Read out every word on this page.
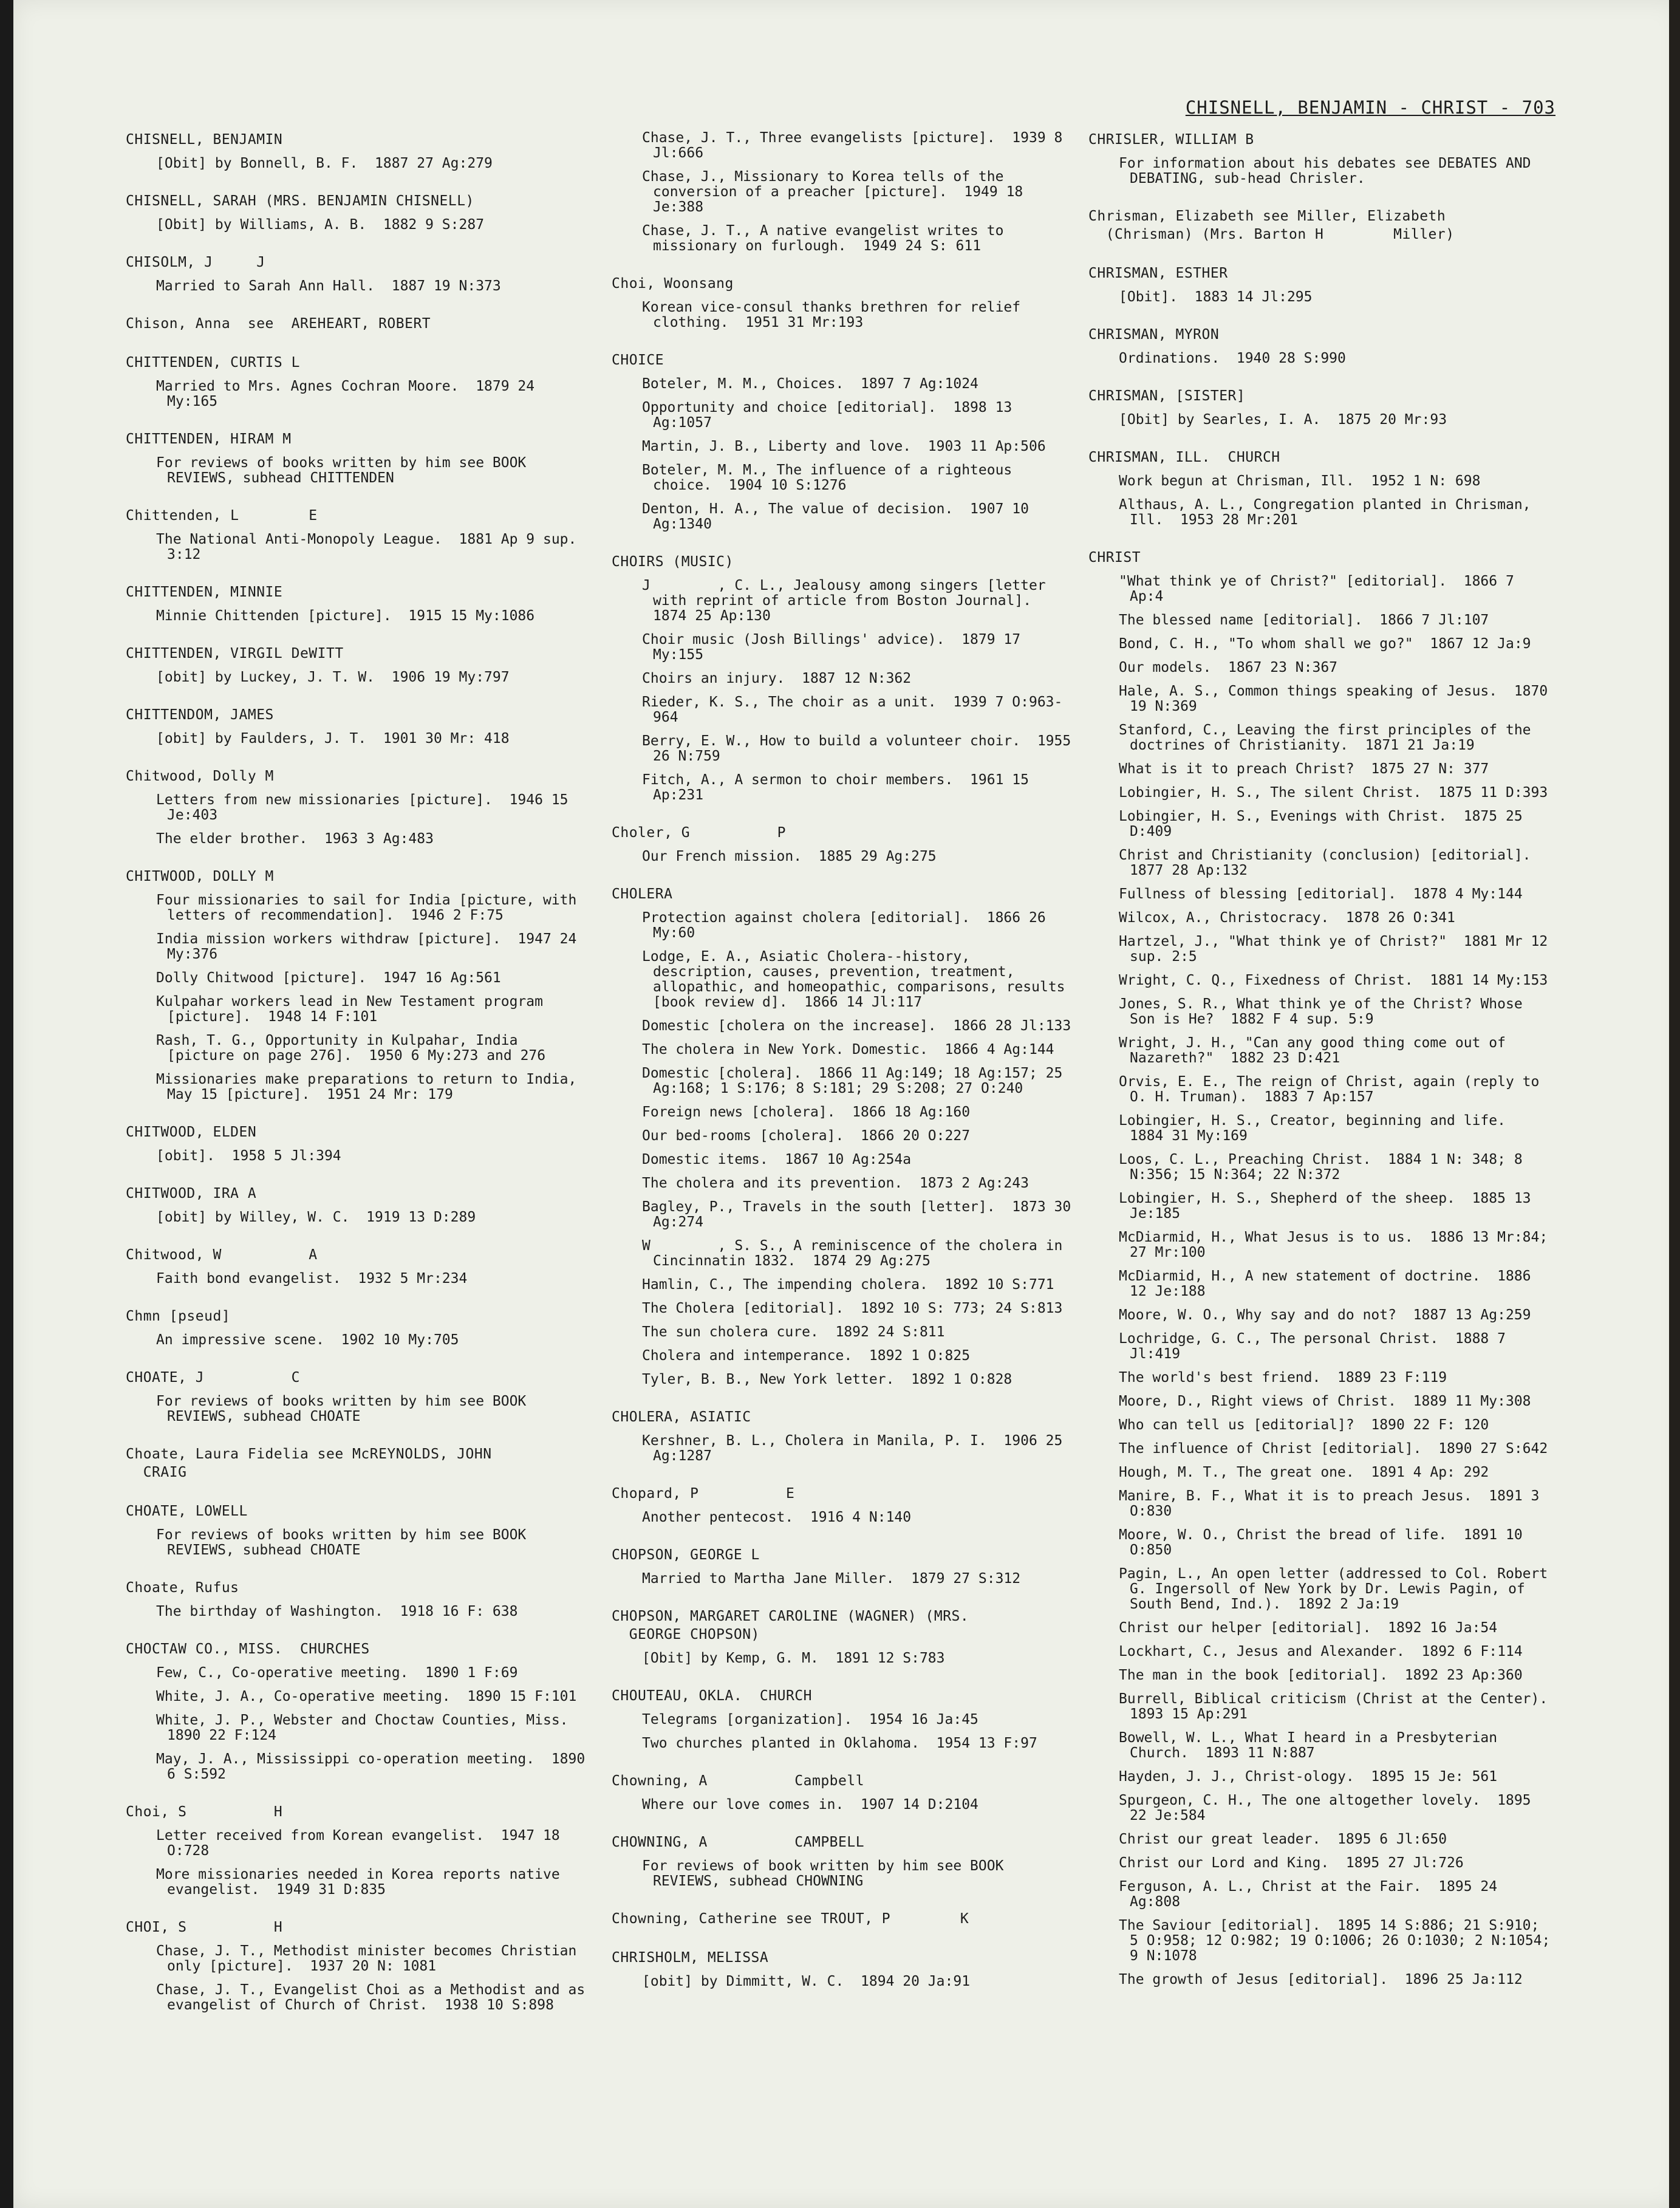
CHISNELL, BENJAMIN - CHRIST - 703
CHISNELL, BENJAMIN
[Obit] by Bonnell, B. F.  1887 27 Ag:279
CHISNELL, SARAH (MRS. BENJAMIN CHISNELL)
[Obit] by Williams, A. B.  1882 9 S:287
CHISOLM, J     J
Married to Sarah Ann Hall.  1887 19 N:373
Chison, Anna  see  AREHEART, ROBERT
CHITTENDEN, CURTIS L
Married to Mrs. Agnes Cochran Moore.  1879 24 My:165
CHITTENDEN, HIRAM M
For reviews of books written by him see BOOK REVIEWS, subhead CHITTENDEN
Chittenden, L        E
The National Anti-Monopoly League.  1881 Ap 9 sup. 3:12
CHITTENDEN, MINNIE
Minnie Chittenden [picture].  1915 15 My:1086
CHITTENDEN, VIRGIL DeWITT
[obit] by Luckey, J. T. W.  1906 19 My:797
CHITTENDOM, JAMES
[obit] by Faulders, J. T.  1901 30 Mr: 418
Chitwood, Dolly M
Letters from new missionaries [picture].  1946 15 Je:403
The elder brother.  1963 3 Ag:483
CHITWOOD, DOLLY M
Four missionaries to sail for India [picture, with letters of recommendation].  1946 2 F:75
India mission workers withdraw [picture].  1947 24 My:376
Dolly Chitwood [picture].  1947 16 Ag:561
Kulpahar workers lead in New Testament program [picture].  1948 14 F:101
Rash, T. G., Opportunity in Kulpahar, India [picture on page 276].  1950 6 My:273 and 276
Missionaries make preparations to return to India, May 15 [picture].  1951 24 Mr: 179
CHITWOOD, ELDEN
[obit].  1958 5 Jl:394
CHITWOOD, IRA A
[obit] by Willey, W. C.  1919 13 D:289
Chitwood, W          A
Faith bond evangelist.  1932 5 Mr:234
Chmn [pseud]
An impressive scene.  1902 10 My:705
CHOATE, J          C
For reviews of books written by him see BOOK REVIEWS, subhead CHOATE
Choate, Laura Fidelia see McREYNOLDS, JOHN
CRAIG
CHOATE, LOWELL
For reviews of books written by him see BOOK REVIEWS, subhead CHOATE
Choate, Rufus
The birthday of Washington.  1918 16 F: 638
CHOCTAW CO., MISS.  CHURCHES
Few, C., Co-operative meeting.  1890 1 F:69
White, J. A., Co-operative meeting.  1890 15 F:101
White, J. P., Webster and Choctaw Counties, Miss.  1890 22 F:124
May, J. A., Mississippi co-operation meeting.  1890 6 S:592
Choi, S          H
Letter received from Korean evangelist.  1947 18 O:728
More missionaries needed in Korea reports native evangelist.  1949 31 D:835
CHOI, S          H
Chase, J. T., Methodist minister becomes Christian only [picture].  1937 20 N: 1081
Chase, J. T., Evangelist Choi as a Methodist and as evangelist of Church of Christ.  1938 10 S:898
Chase, J. T., Three evangelists [picture].  1939 8 Jl:666
Chase, J., Missionary to Korea tells of the conversion of a preacher [picture].  1949 18 Je:388
Chase, J. T., A native evangelist writes to missionary on furlough.  1949 24 S: 611
Choi, Woonsang
Korean vice-consul thanks brethren for relief clothing.  1951 31 Mr:193
CHOICE
Boteler, M. M., Choices.  1897 7 Ag:1024
Opportunity and choice [editorial].  1898 13 Ag:1057
Martin, J. B., Liberty and love.  1903 11 Ap:506
Boteler, M. M., The influence of a righteous choice.  1904 10 S:1276
Denton, H. A., The value of decision.  1907 10 Ag:1340
CHOIRS (MUSIC)
J        , C. L., Jealousy among singers [letter with reprint of article from Boston Journal].  1874 25 Ap:130
Choir music (Josh Billings' advice).  1879 17 My:155
Choirs an injury.  1887 12 N:362
Rieder, K. S., The choir as a unit.  1939 7 O:963-964
Berry, E. W., How to build a volunteer choir.  1955 26 N:759
Fitch, A., A sermon to choir members.  1961 15 Ap:231
Choler, G          P
Our French mission.  1885 29 Ag:275
CHOLERA
Protection against cholera [editorial].  1866 26 My:60
Lodge, E. A., Asiatic Cholera--history, description, causes, prevention, treatment, allopathic, and homeopathic, comparisons, results [book review d].  1866 14 Jl:117
Domestic [cholera on the increase].  1866 28 Jl:133
The cholera in New York. Domestic.  1866 4 Ag:144
Domestic [cholera].  1866 11 Ag:149; 18 Ag:157; 25 Ag:168; 1 S:176; 8 S:181; 29 S:208; 27 O:240
Foreign news [cholera].  1866 18 Ag:160
Our bed-rooms [cholera].  1866 20 O:227
Domestic items.  1867 10 Ag:254a
The cholera and its prevention.  1873 2 Ag:243
Bagley, P., Travels in the south [letter].  1873 30 Ag:274
W        , S. S., A reminiscence of the cholera in Cincinnatin 1832.  1874 29 Ag:275
Hamlin, C., The impending cholera.  1892 10 S:771
The Cholera [editorial].  1892 10 S: 773; 24 S:813
The sun cholera cure.  1892 24 S:811
Cholera and intemperance.  1892 1 O:825
Tyler, B. B., New York letter.  1892 1 O:828
CHOLERA, ASIATIC
Kershner, B. L., Cholera in Manila, P. I.  1906 25 Ag:1287
Chopard, P          E
Another pentecost.  1916 4 N:140
CHOPSON, GEORGE L
Married to Martha Jane Miller.  1879 27 S:312
CHOPSON, MARGARET CAROLINE (WAGNER) (MRS.
GEORGE CHOPSON)
[Obit] by Kemp, G. M.  1891 12 S:783
CHOUTEAU, OKLA.  CHURCH
Telegrams [organization].  1954 16 Ja:45
Two churches planted in Oklahoma.  1954 13 F:97
Chowning, A          Campbell
Where our love comes in.  1907 14 D:2104
CHOWNING, A          CAMPBELL
For reviews of book written by him see BOOK REVIEWS, subhead CHOWNING
Chowning, Catherine see TROUT, P        K
CHRISHOLM, MELISSA
[obit] by Dimmitt, W. C.  1894 20 Ja:91
CHRISLER, WILLIAM B
For information about his debates see DEBATES AND DEBATING, sub-head Chrisler.
Chrisman, Elizabeth see Miller, Elizabeth
(Chrisman) (Mrs. Barton H        Miller)
CHRISMAN, ESTHER
[Obit].  1883 14 Jl:295
CHRISMAN, MYRON
Ordinations.  1940 28 S:990
CHRISMAN, [SISTER]
[Obit] by Searles, I. A.  1875 20 Mr:93
CHRISMAN, ILL.  CHURCH
Work begun at Chrisman, Ill.  1952 1 N: 698
Althaus, A. L., Congregation planted in Chrisman, Ill.  1953 28 Mr:201
CHRIST
"What think ye of Christ?" [editorial].  1866 7 Ap:4
The blessed name [editorial].  1866 7 Jl:107
Bond, C. H., "To whom shall we go?"  1867 12 Ja:9
Our models.  1867 23 N:367
Hale, A. S., Common things speaking of Jesus.  1870 19 N:369
Stanford, C., Leaving the first principles of the doctrines of Christianity.  1871 21 Ja:19
What is it to preach Christ?  1875 27 N: 377
Lobingier, H. S., The silent Christ.  1875 11 D:393
Lobingier, H. S., Evenings with Christ.  1875 25 D:409
Christ and Christianity (conclusion) [editorial].  1877 28 Ap:132
Fullness of blessing [editorial].  1878 4 My:144
Wilcox, A., Christocracy.  1878 26 O:341
Hartzel, J., "What think ye of Christ?"  1881 Mr 12 sup. 2:5
Wright, C. Q., Fixedness of Christ.  1881 14 My:153
Jones, S. R., What think ye of the Christ? Whose Son is He?  1882 F 4 sup. 5:9
Wright, J. H., "Can any good thing come out of Nazareth?"  1882 23 D:421
Orvis, E. E., The reign of Christ, again (reply to O. H. Truman).  1883 7 Ap:157
Lobingier, H. S., Creator, beginning and life.  1884 31 My:169
Loos, C. L., Preaching Christ.  1884 1 N: 348; 8 N:356; 15 N:364; 22 N:372
Lobingier, H. S., Shepherd of the sheep.  1885 13 Je:185
McDiarmid, H., What Jesus is to us.  1886 13 Mr:84; 27 Mr:100
McDiarmid, H., A new statement of doctrine.  1886 12 Je:188
Moore, W. O., Why say and do not?  1887 13 Ag:259
Lochridge, G. C., The personal Christ.  1888 7 Jl:419
The world's best friend.  1889 23 F:119
Moore, D., Right views of Christ.  1889 11 My:308
Who can tell us [editorial]?  1890 22 F: 120
The influence of Christ [editorial].  1890 27 S:642
Hough, M. T., The great one.  1891 4 Ap: 292
Manire, B. F., What it is to preach Jesus.  1891 3 O:830
Moore, W. O., Christ the bread of life.  1891 10 O:850
Pagin, L., An open letter (addressed to Col. Robert G. Ingersoll of New York by Dr. Lewis Pagin, of South Bend, Ind.).  1892 2 Ja:19
Christ our helper [editorial].  1892 16 Ja:54
Lockhart, C., Jesus and Alexander.  1892 6 F:114
The man in the book [editorial].  1892 23 Ap:360
Burrell, Biblical criticism (Christ at the Center).  1893 15 Ap:291
Bowell, W. L., What I heard in a Presbyterian Church.  1893 11 N:887
Hayden, J. J., Christ-ology.  1895 15 Je: 561
Spurgeon, C. H., The one altogether lovely.  1895 22 Je:584
Christ our great leader.  1895 6 Jl:650
Christ our Lord and King.  1895 27 Jl:726
Ferguson, A. L., Christ at the Fair.  1895 24 Ag:808
The Saviour [editorial].  1895 14 S:886; 21 S:910; 5 O:958; 12 O:982; 19 O:1006; 26 O:1030; 2 N:1054; 9 N:1078
The growth of Jesus [editorial].  1896 25 Ja:112
